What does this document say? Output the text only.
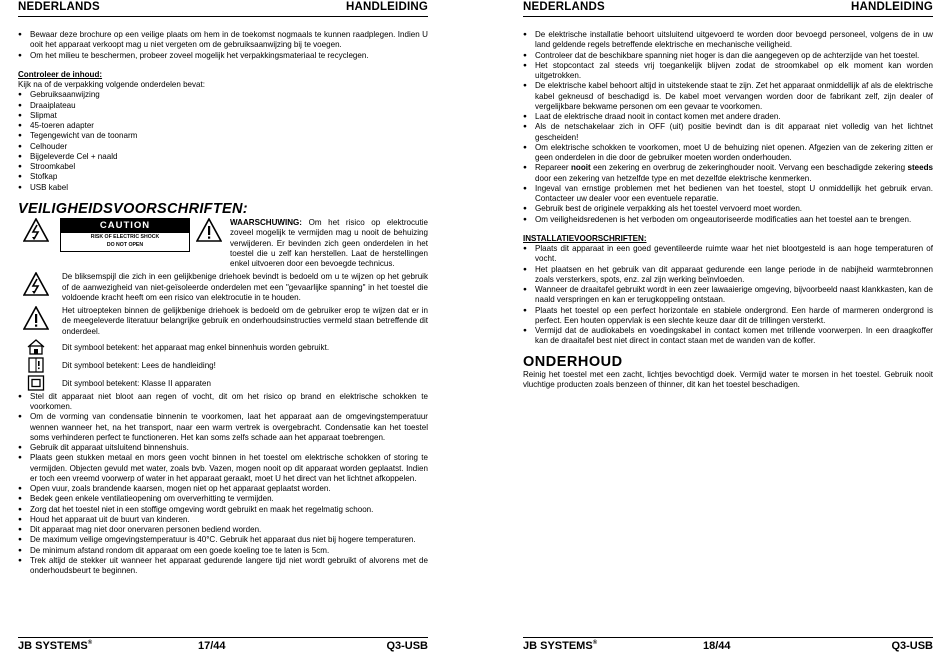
NEDERLANDS	HANDLEIDING
● Bewaar deze brochure op een veilige plaats om hem in de toekomst nogmaals te kunnen raadplegen. Indien U ooit het apparaat verkoopt mag u niet vergeten om de gebruiksaanwijzing bij te voegen.
● Om het milieu te beschermen, probeer zoveel mogelijk het verpakkingsmateriaal te recyclegen.
Controleer de inhoud:
Kijk na of de verpakking volgende onderdelen bevat:
● Gebruiksaanwijzing
● Draaiplateau
● Slipmat
● 45-toeren adapter
● Tegengewicht van de toonarm
● Celhouder
● Bijgeleverde Cel + naald
● Stroomkabel
● Stofkap
● USB kabel
VEILIGHEIDSVOORSCHRIFTEN:
CAUTION
RISK OF ELECTRIC SHOCK
DO NOT OPEN
WAARSCHUWING: Om het risico op elektrocutie zoveel mogelijk te vermijden mag u nooit de behuizing verwijderen. Er bevinden zich geen onderdelen in het toestel die u zelf kan herstellen. Laat de herstellingen enkel uitvoeren door een bevoegde technicus.
De bliksemspijl die zich in een gelijkbenige driehoek bevindt is bedoeld om u te wijzen op het gebruik of de aanwezigheid van niet-geïsoleerde onderdelen met een "gevaarlijke spanning" in het toestel die voldoende kracht heeft om een risico van elektrocutie in te houden.
Het uitroepteken binnen de gelijkbenige driehoek is bedoeld om de gebruiker erop te wijzen dat er in de meegeleverde literatuur belangrijke gebruik en onderhoudsinstructies vermeld staan betreffende dit onderdeel.
Dit symbool betekent: het apparaat mag enkel binnenhuis worden gebruikt.
Dit symbool betekent: Lees de handleiding!
Dit symbool betekent: Klasse II apparaten
● Stel dit apparaat niet bloot aan regen of vocht, dit om het risico op brand en elektrische schokken te voorkomen.
● Om de vorming van condensatie binnenin te voorkomen, laat het apparaat aan de omgevingstemperatuur wennen wanneer het, na het transport, naar een warm vertrek is overgebracht. Condensatie kan het toestel soms verhinderen perfect te functioneren. Het kan soms zelfs schade aan het apparaat toebrengen.
● Gebruik dit apparaat uitsluitend binnenshuis.
● Plaats geen stukken metaal en mors geen vocht binnen in het toestel om elektrische schokken of storing te vermijden. Objecten gevuld met water, zoals bvb. Vazen, mogen nooit op dit apparaat worden geplaatst. Indien er toch een vreemd voorwerp of water in het apparaat geraakt, moet U het direct van het lichtnet afkoppelen.
● Open vuur, zoals brandende kaarsen, mogen niet op het apparaat geplaatst worden.
● Bedek geen enkele ventilatieopening om oververhitting te vermijden.
● Zorg dat het toestel niet in een stoffige omgeving wordt gebruikt en maak het regelmatig schoon.
● Houd het apparaat uit de buurt van kinderen.
● Dit apparaat mag niet door onervaren personen bediend worden.
● De maximum veilige omgevingstemperatuur is 40°C. Gebruik het apparaat dus niet bij hogere temperaturen.
● De minimum afstand rondom dit apparaat om een goede koeling toe te laten is 5cm.
● Trek altijd de stekker uit wanneer het apparaat gedurende langere tijd niet wordt gebruikt of alvorens met de onderhoudsbeurt te beginnen.
JB SYSTEMS®	17/44	Q3-USB
NEDERLANDS	HANDLEIDING
● De elektrische installatie behoort uitsluitend uitgevoerd te worden door bevoegd personeel, volgens de in uw land geldende regels betreffende elektrische en mechanische veiligheid.
● Controleer dat de beschikbare spanning niet hoger is dan die aangegeven op de achterzijde van het toestel.
● Het stopcontact zal steeds vrij toegankelijk blijven zodat de stroomkabel op elk moment kan worden uitgetrokken.
● De elektrische kabel behoort altijd in uitstekende staat te zijn. Zet het apparaat onmiddellijk af als de elektrische kabel gekneusd of beschadigd is. De kabel moet vervangen worden door de fabrikant zelf, zijn dealer of vergelijkbare bekwame personen om een gevaar te voorkomen.
● Laat de elektrische draad nooit in contact komen met andere draden.
● Als de netschakelaar zich in OFF (uit) positie bevindt dan is dit apparaat niet volledig van het lichtnet gescheiden!
● Om elektrische schokken te voorkomen, moet U de behuizing niet openen. Afgezien van de zekering zitten er geen onderdelen in die door de gebruiker moeten worden onderhouden.
● Repareer nooit een zekering en overbrug de zekeringhouder nooit. Vervang een beschadigde zekering steeds door een zekering van hetzelfde type en met dezelfde elektrische kenmerken.
● Ingeval van ernstige problemen met het bedienen van het toestel, stopt U onmiddellijk het gebruik ervan. Contacteer uw dealer voor een eventuele reparatie.
● Gebruik best de originele verpakking als het toestel vervoerd moet worden.
● Om veiligheidsredenen is het verboden om ongeautoriseerde modificaties aan het toestel aan te brengen.
INSTALLATIEVOORSCHRIFTEN:
● Plaats dit apparaat in een goed geventileerde ruimte waar het niet blootgesteld is aan hoge temperaturen of vocht.
● Het plaatsen en het gebruik van dit apparaat gedurende een lange periode in de nabijheid warmtebronnen zoals versterkers, spots, enz. zal zijn werking beïnvloeden.
● Wanneer de draaitafel gebruikt wordt in een zeer lawaaierige omgeving, bijvoorbeeld naast klankkasten, kan de naald verspringen en kan er terugkoppeling ontstaan.
● Plaats het toestel op een perfect horizontale en stabiele ondergrond. Een harde of marmeren ondergrond is perfect. Een houten oppervlak is een slechte keuze daar dit de trillingen versterkt.
● Vermijd dat de audiokabels en voedingskabel in contact komen met trillende voorwerpen. In een draagkoffer kan de draaitafel best niet direct in contact staan met de wanden van de koffer.
ONDERHOUD
Reinig het toestel met een zacht, lichtjes bevochtigd doek. Vermijd water te morsen in het toestel. Gebruik nooit vluchtige producten zoals benzeen of thinner, dit kan het toestel beschadigen.
JB SYSTEMS®	18/44	Q3-USB
